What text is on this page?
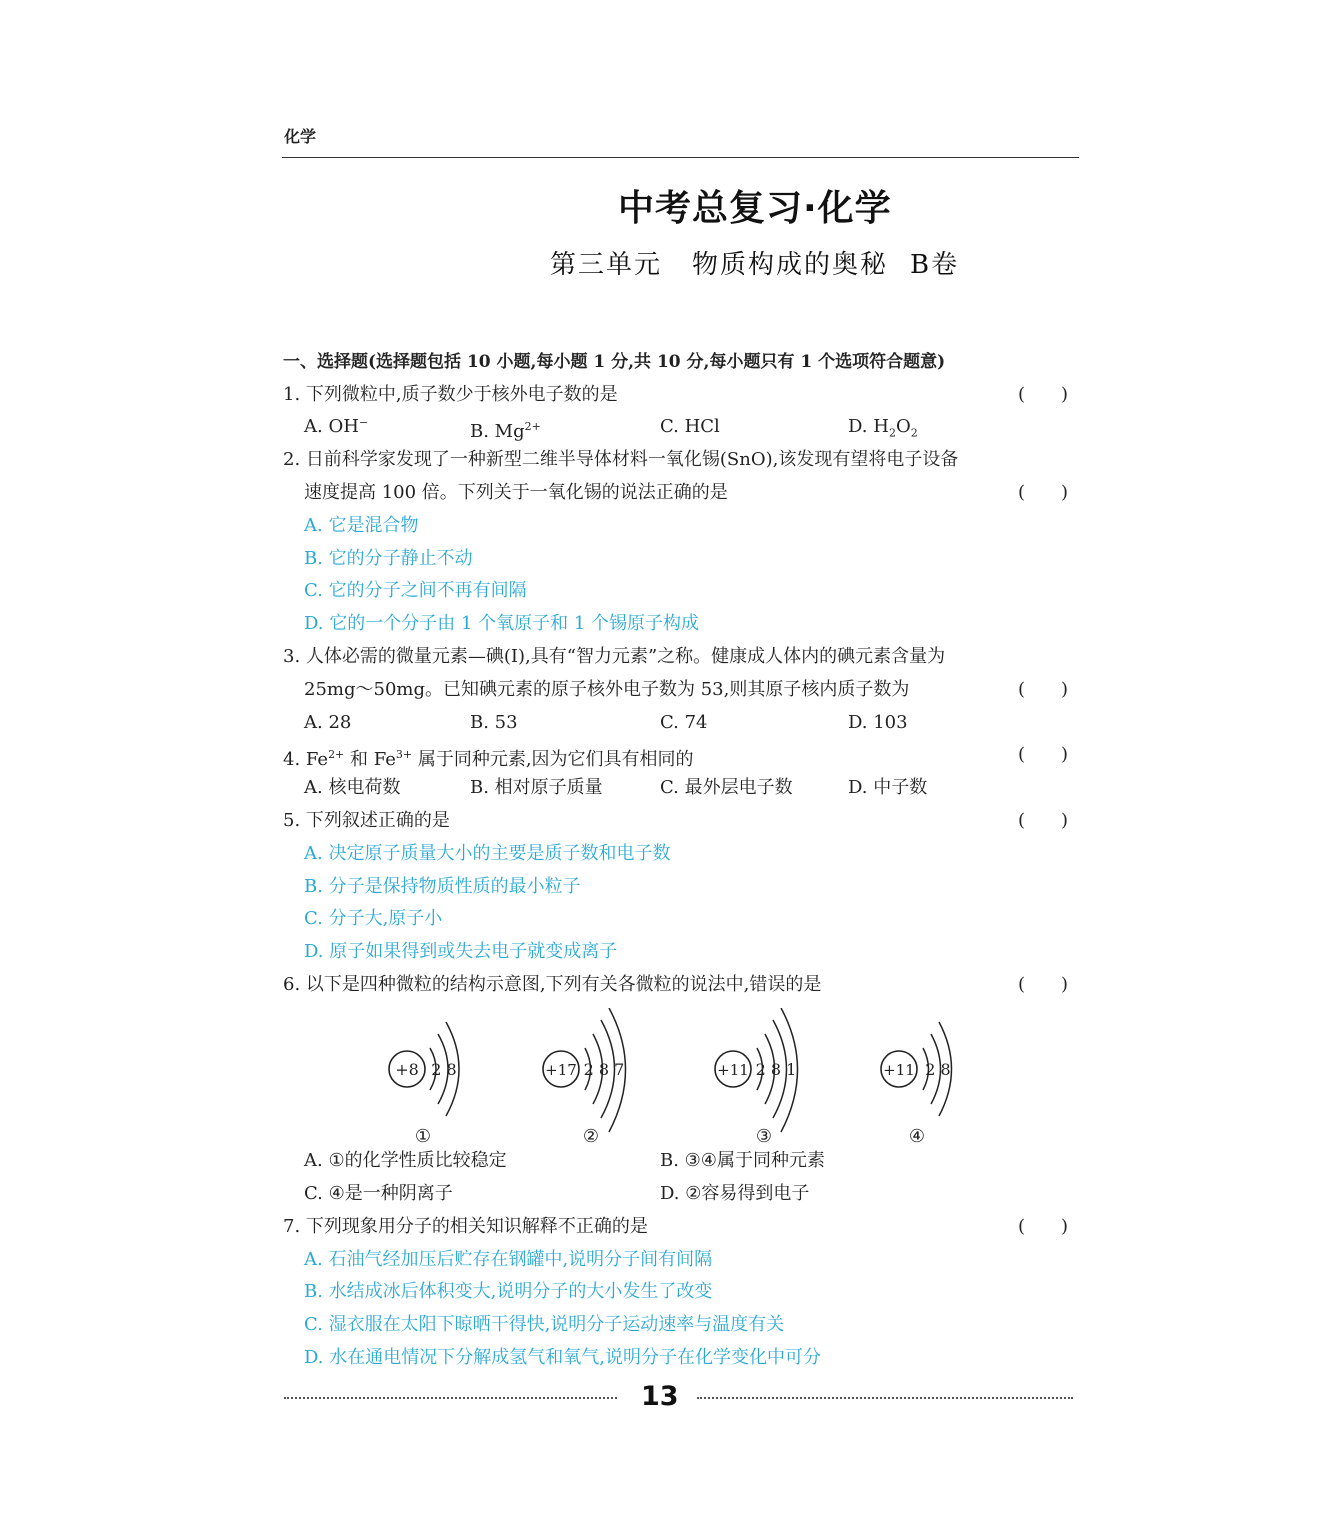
化学
中考总复习·化学
第三单元 物质构成的奥秘 B卷
一、选择题(选择题包括 10 小题,每小题 1 分,共 10 分,每小题只有 1 个选项符合题意)
1. 下列微粒中,质子数少于核外电子数的是	(　　)
A. OH⁻	B. $Mg^{2+}$	C. HCl	D. $H_2O_2$
2. 日前科学家发现了一种新型二维半导体材料一氧化锡(SnO),该发现有望将电子设备
速度提高 100 倍。下列关于一氧化锡的说法正确的是	(　　)
A. 它是混合物
B. 它的分子静止不动
C. 它的分子之间不再有间隔
D. 它的一个分子由 1 个氧原子和 1 个锡原子构成
3. 人体必需的微量元素—碘(I),具有“智力元素”之称。健康成人体内的碘元素含量为
25mg～50mg。已知碘元素的原子核外电子数为 53,则其原子核内质子数为	(　　)
A. 28	B. 53	C. 74	D. 103
4. $Fe^{2+}$ 和 $Fe^{3+}$ 属于同种元素,因为它们具有相同的	(　　)
A. 核电荷数	B. 相对原子质量	C. 最外层电子数	D. 中子数
5. 下列叙述正确的是	(　　)
A. 决定原子质量大小的主要是质子数和电子数
B. 分子是保持物质性质的最小粒子
C. 分子大,原子小
D. 原子如果得到或失去电子就变成离子
6. 以下是四种微粒的结构示意图,下列有关各微粒的说法中,错误的是	(　　)
+8 2 8
①
+17 2 8 7
②
+11 2 8 1
③
+11 2 8
④
A. ①的化学性质比较稳定	B. ③④属于同种元素
C. ④是一种阴离子	D. ②容易得到电子
7. 下列现象用分子的相关知识解释不正确的是	(　　)
A. 石油气经加压后贮存在钢罐中,说明分子间有间隔
B. 水结成冰后体积变大,说明分子的大小发生了改变
C. 湿衣服在太阳下晾晒干得快,说明分子运动速率与温度有关
D. 水在通电情况下分解成氢气和氧气,说明分子在化学变化中可分
13
